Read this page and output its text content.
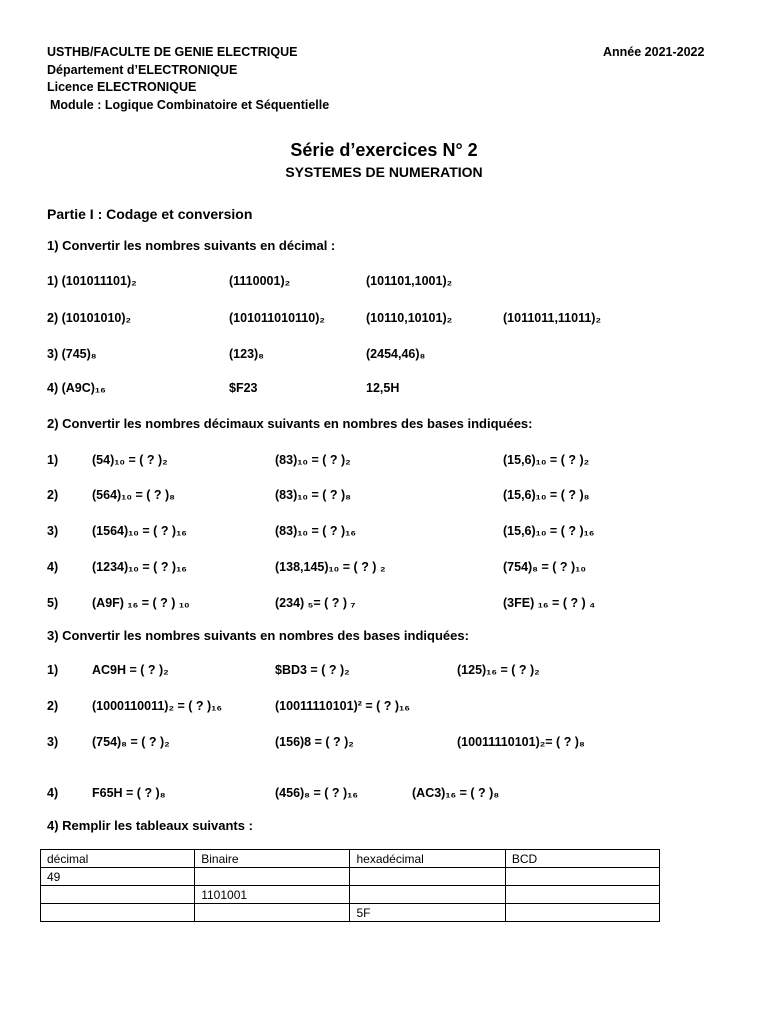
USTHB/FACULTE DE GENIE ELECTRIQUE
Département d’ELECTRONIQUE
Licence ELECTRONIQUE
Module : Logique Combinatoire et Séquentielle
Année 2021-2022
Série d’exercices N° 2
SYSTEMES DE NUMERATION
Partie I : Codage et conversion
1) Convertir les nombres suivants en décimal :
1) (101011101)₂	(1110001)₂	(101101,1001)₂
2) (10101010)₂	(101011010110)₂	(10110,10101)₂	(1011011,11011)₂
3) (745)₈	(123)₈	(2454,46)₈
4) (A9C)₁₆	$F23	12,5H
2) Convertir les nombres décimaux suivants en nombres des bases indiquées:
1)	(54)₁₀ = ( ? )₂	(83)₁₀ = ( ? )₂	(15,6)₁₀ = ( ? )₂
2)	(564)₁₀ = ( ? )₈	(83)₁₀ = ( ? )₈	(15,6)₁₀ = ( ? )₈
3)	(1564)₁₀ = ( ? )₁₆	(83)₁₀ = ( ? )₁₆	(15,6)₁₀ = ( ? )₁₆
4)	(1234)₁₀ = ( ? )₁₆	(138,145)₁₀ = ( ? ) ₂	(754)₈ = ( ? )₁₀
5)	(A9F) ₁₆ = ( ? ) ₁₀	(234) ₅= ( ? ) ₇	(3FE) ₁₆ = ( ? ) ₄
3) Convertir les nombres suivants en nombres des bases indiquées:
1)	AC9H = ( ? )₂	$BD3 = ( ? )₂	(125)₁₆ = ( ? )₂
2)	(1000110011)₂ = ( ? )₁₆	(10011110101)² = ( ? )₁₆
3)	(754)₈ = ( ? )₂	(156)8 = ( ? )₂	(10011110101)₂= ( ? )₈
4)	F65H = ( ? )₈	(456)₈ = ( ? )₁₆	(AC3)₁₆ = ( ? )₈
4) Remplir les tableaux suivants :
décimal	Binaire	hexadécimal	BCD
49			
	1101001		
		5F	
